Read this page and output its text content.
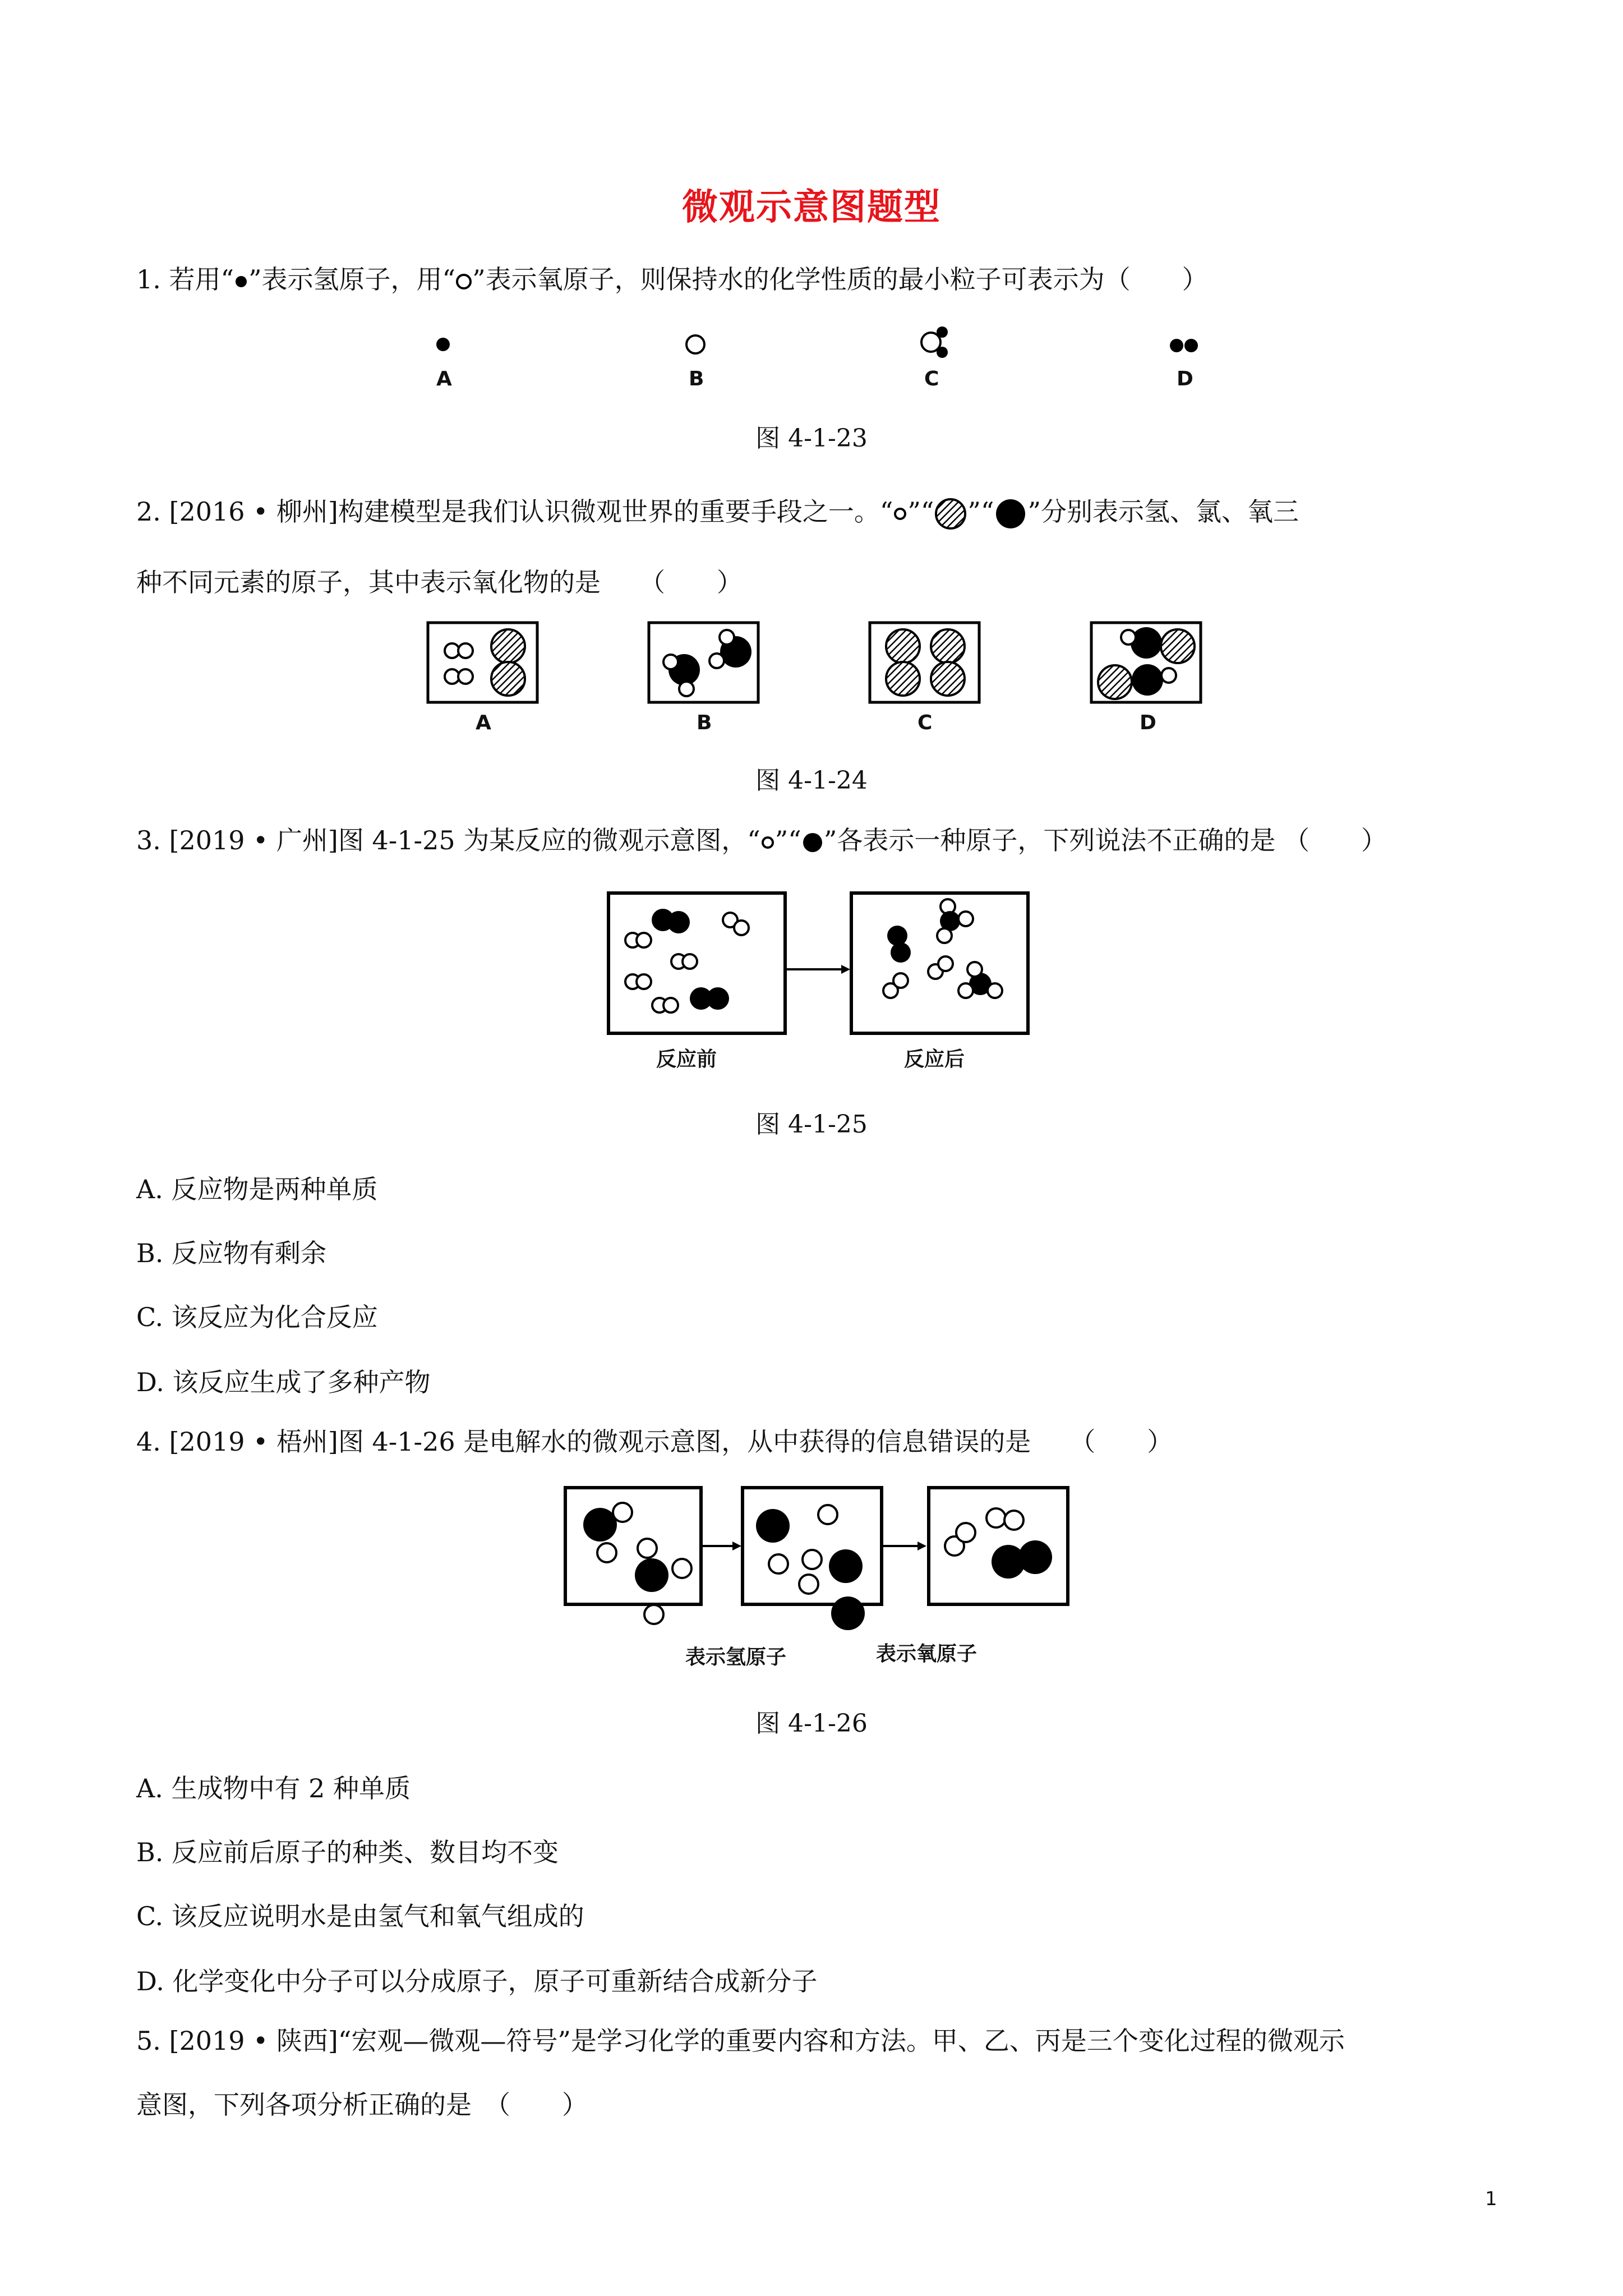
微观示意图题型
1. 若用“ ”表示氢原子，用“ ”表示氧原子，则保持水的化学性质的最小粒子可表示为（　　）
A	B	C	D
图 4-1-23
2. [2016 • 柳州]构建模型是我们认识微观世界的重要手段之一。“ ”“ ”“ ”分别表示氢、氯、氧三
种不同元素的原子，其中表示氧化物的是　　（　　）
A	B	C	D
图 4-1-24
3. [2019 • 广州]图 4-1-25 为某反应的微观示意图，“ ”“ ”各表示一种原子，下列说法不正确的是 （　　）
反应前	反应后
图 4-1-25
A. 反应物是两种单质
B. 反应物有剩余
C. 该反应为化合反应
D. 该反应生成了多种产物
4. [2019 • 梧州]图 4-1-26 是电解水的微观示意图，从中获得的信息错误的是　　（　　）
表示氢原子	表示氧原子
图 4-1-26
A. 生成物中有 2 种单质
B. 反应前后原子的种类、数目均不变
C. 该反应说明水是由氢气和氧气组成的
D. 化学变化中分子可以分成原子，原子可重新结合成新分子
5. [2019 • 陕西]“宏观—微观—符号”是学习化学的重要内容和方法。甲、乙、丙是三个变化过程的微观示
意图，下列各项分析正确的是　（　　）
1
